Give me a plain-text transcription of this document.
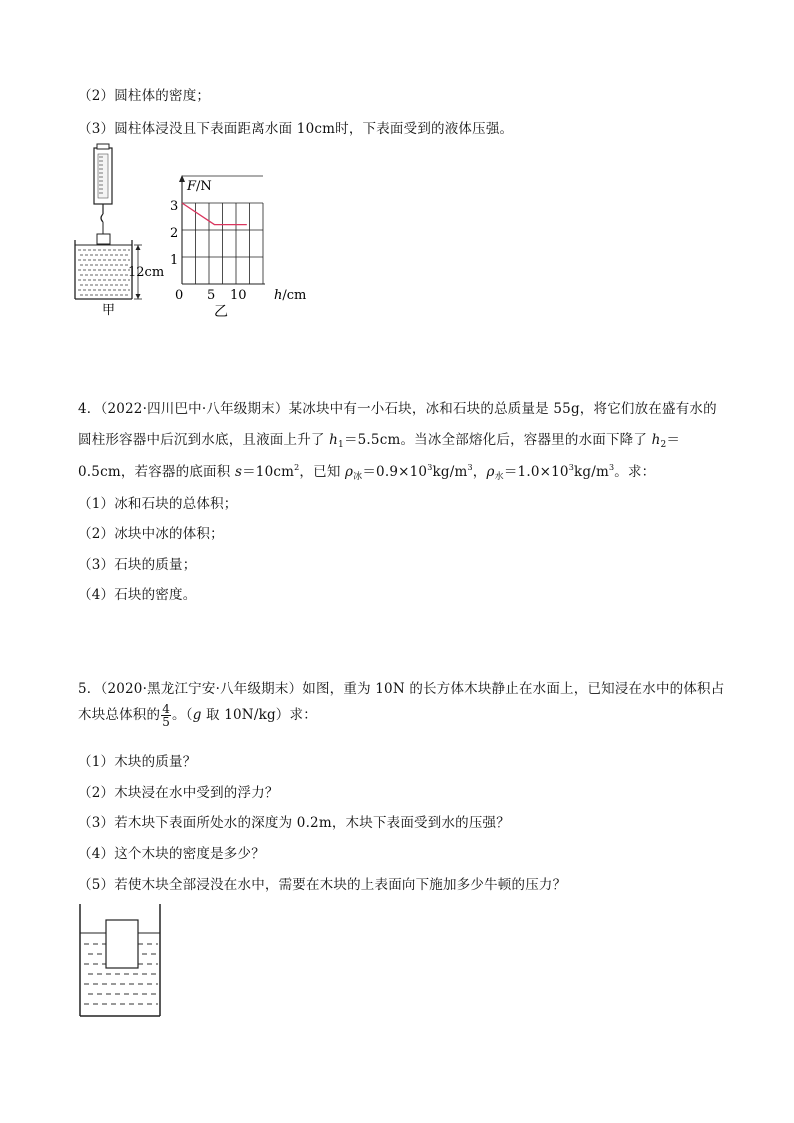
（2）圆柱体的密度；
（3）圆柱体浸没且下表面距离水面 10cm时，下表面受到的液体压强。
12cm
甲
F/N
3
2
1
0 5 10 h/cm
乙
4．（2022·四川巴中·八年级期末）某冰块中有一小石块，冰和石块的总质量是 55g，将它们放在盛有水的
圆柱形容器中后沉到水底，且液面上升了 $h_1=5.5cm$。当冰全部熔化后，容器里的水面下降了 $h_2=$
0.5cm，若容器的底面积 $s=10cm^2$，已知 $\rho_冰=0.9\times 10^3kg/m^3$，$\rho_水=1.0\times 10^3kg/m^3$。求：
（1）冰和石块的总体积；
（2）冰块中冰的体积；
（3）石块的质量；
（4）石块的密度。
5．（2020·黑龙江宁安·八年级期末）如图，重为 10N 的长方体木块静止在水面上，已知浸在水中的体积占
木块总体积的 $\frac{4}{5}$ 。（g 取 10N/kg）求：
（1）木块的质量？
（2）木块浸在水中受到的浮力？
（3）若木块下表面所处水的深度为 0.2m，木块下表面受到水的压强？
（4）这个木块的密度是多少？
（5）若使木块全部浸没在水中，需要在木块的上表面向下施加多少牛顿的压力？
